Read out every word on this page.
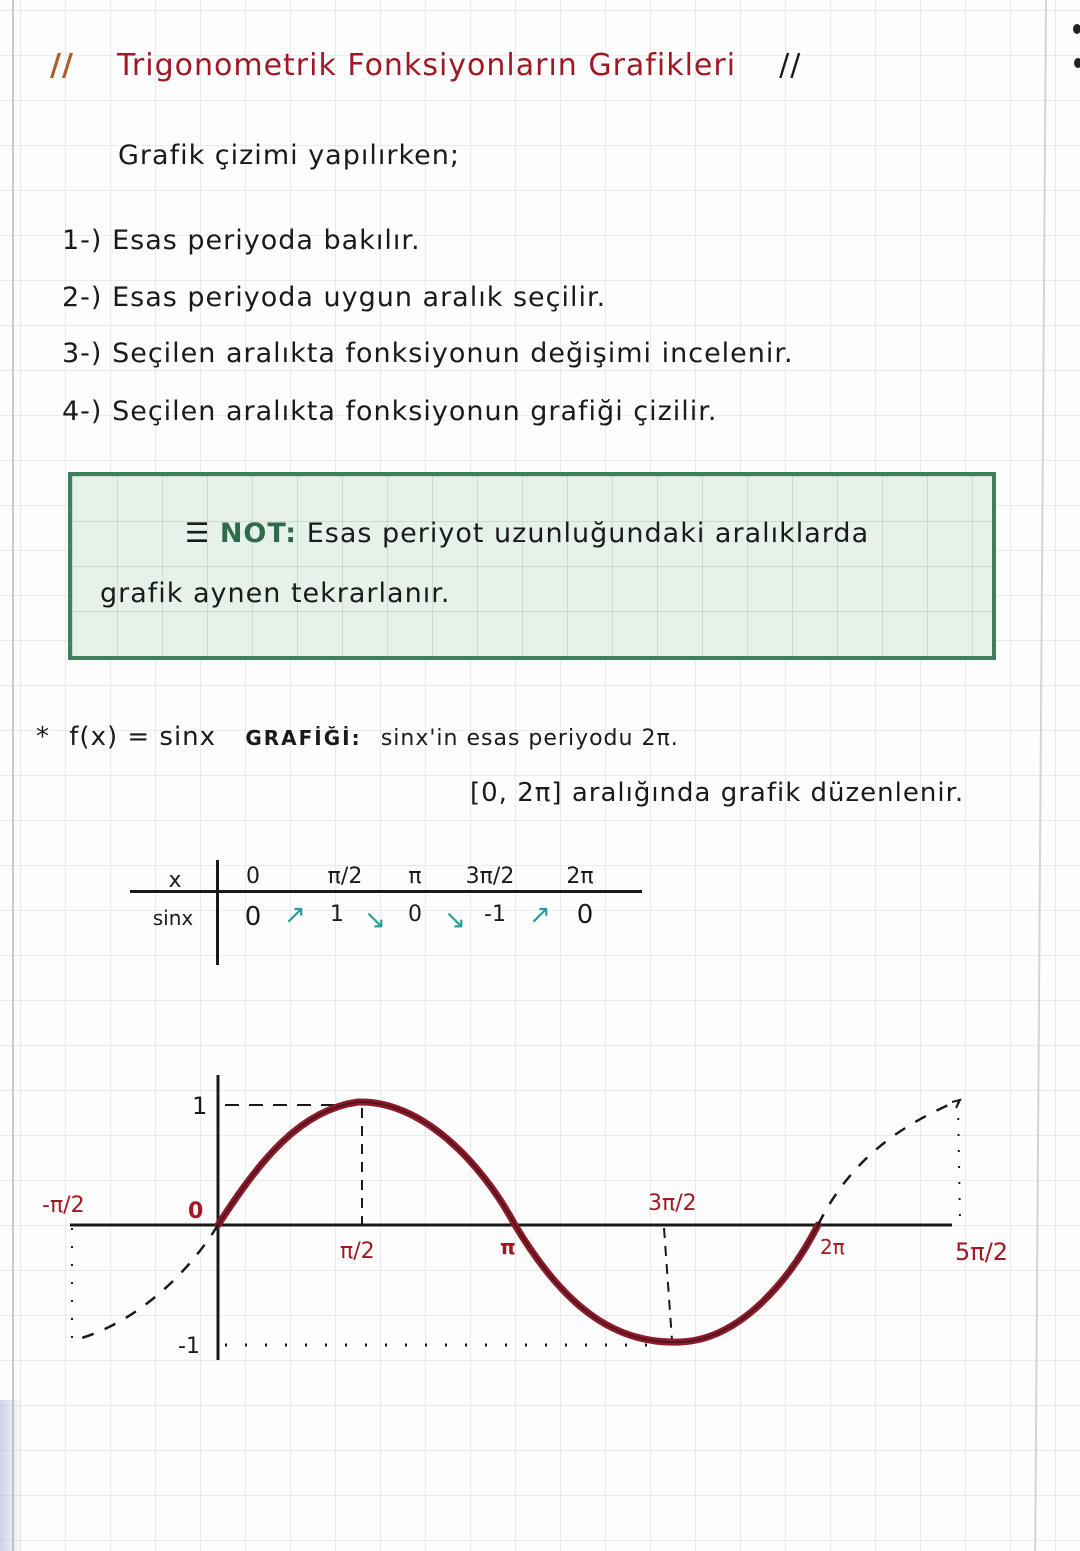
// Trigonometrik Fonksiyonların Grafikleri //
Grafik çizimi yapılırken;
1-) Esas periyoda bakılır.
2-) Esas periyoda uygun aralık seçilir.
3-) Seçilen aralıkta fonksiyonun değişimi incelenir.
4-) Seçilen aralıkta fonksiyonun grafiği çizilir.
☰ NOT: Esas periyot uzunluğundaki aralıklarda
grafik aynen tekrarlanır.
* f(x) = sinx GRAFİĞİ: sinx'in esas periyodu 2π.
[0, 2π] aralığında grafik düzenlenir.
x
sinx
0	π/2	π	3π/2	2π
0	1	0	-1	0
↗	↘	↘	↗
1
0
-1
-π/2
π/2	π
3π/2
2π	5π/2
